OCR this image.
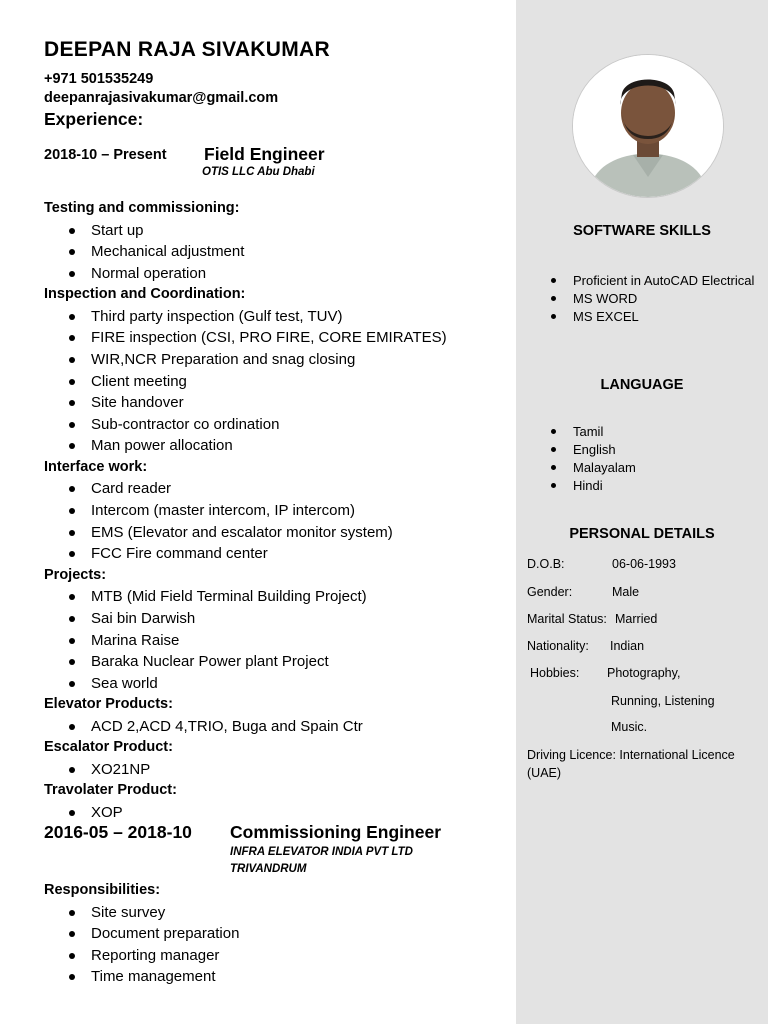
DEEPAN RAJA SIVAKUMAR
+971 501535249
deepanrajasivakumar@gmail.com
Experience:
2018-10 – Present Field Engineer
OTIS LLC Abu Dhabi
Testing and commissioning:
Start up
Mechanical adjustment
Normal operation
Inspection and Coordination:
Third party inspection (Gulf test, TUV)
FIRE inspection (CSI, PRO FIRE, CORE EMIRATES)
WIR,NCR Preparation and snag closing
Client meeting
Site handover
Sub-contractor co ordination
Man power allocation
Interface work:
Card reader
Intercom (master intercom, IP intercom)
EMS (Elevator and escalator monitor system)
FCC Fire command center
Projects:
MTB (Mid Field Terminal Building Project)
Sai bin Darwish
Marina Raise
Baraka Nuclear Power plant Project
Sea world
Elevator Products:
ACD 2,ACD 4,TRIO, Buga and Spain Ctr
Escalator Product:
XO21NP
Travolater Product:
XOP
2016-05 – 2018-10 Commissioning Engineer
INFRA ELEVATOR INDIA PVT LTD
TRIVANDRUM
Responsibilities:
Site survey
Document preparation
Reporting manager
Time management
SOFTWARE SKILLS
Proficient in AutoCAD Electrical
MS WORD
MS EXCEL
LANGUAGE
Tamil
English
Malayalam
Hindi
PERSONAL DETAILS
D.O.B:	06-06-1993
Gender:	Male
Marital Status: Married
Nationality: Indian
Hobbies: Photography,
Running, Listening
Music.
Driving Licence: International Licence
(UAE)
